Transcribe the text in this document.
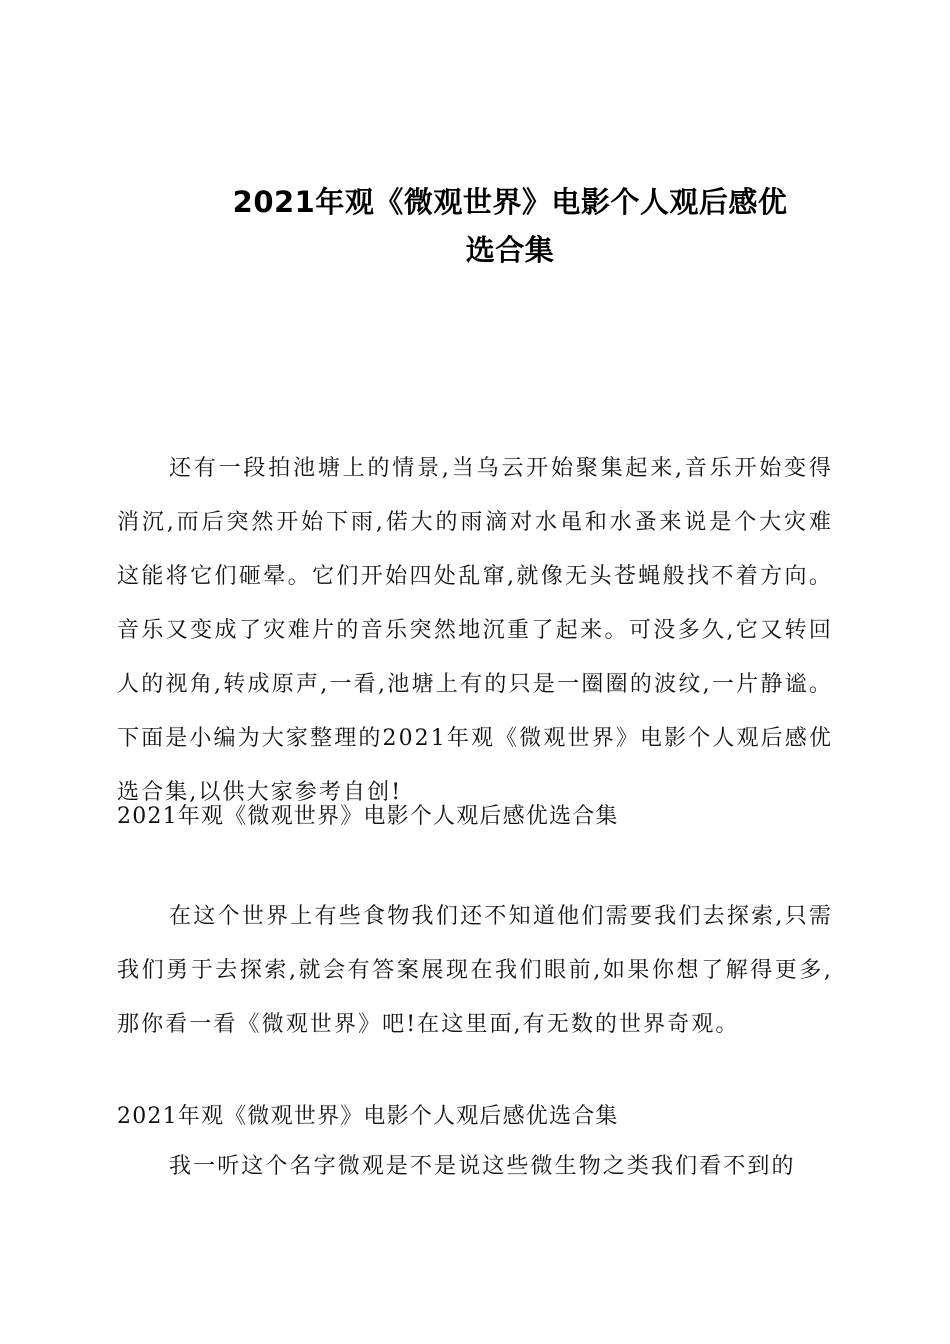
2021年观《微观世界》电影个人观后感优
选合集

还有一段拍池塘上的情景,当乌云开始聚集起来,音乐开始变得消沉,而后突然开始下雨,偌大的雨滴对水黾和水蚤来说是个大灾难这能将它们砸晕。它们开始四处乱窜,就像无头苍蝇般找不着方向。音乐又变成了灾难片的音乐突然地沉重了起来。可没多久,它又转回人的视角,转成原声,一看,池塘上有的只是一圈圈的波纹,一片静谧。下面是小编为大家整理的2021年观《微观世界》电影个人观后感优选合集,以供大家参考自创!

2021年观《微观世界》电影个人观后感优选合集

在这个世界上有些食物我们还不知道他们需要我们去探索,只需我们勇于去探索,就会有答案展现在我们眼前,如果你想了解得更多,那你看一看《微观世界》吧!在这里面,有无数的世界奇观。

2021年观《微观世界》电影个人观后感优选合集

我一听这个名字微观是不是说这些微生物之类我们看不到的
